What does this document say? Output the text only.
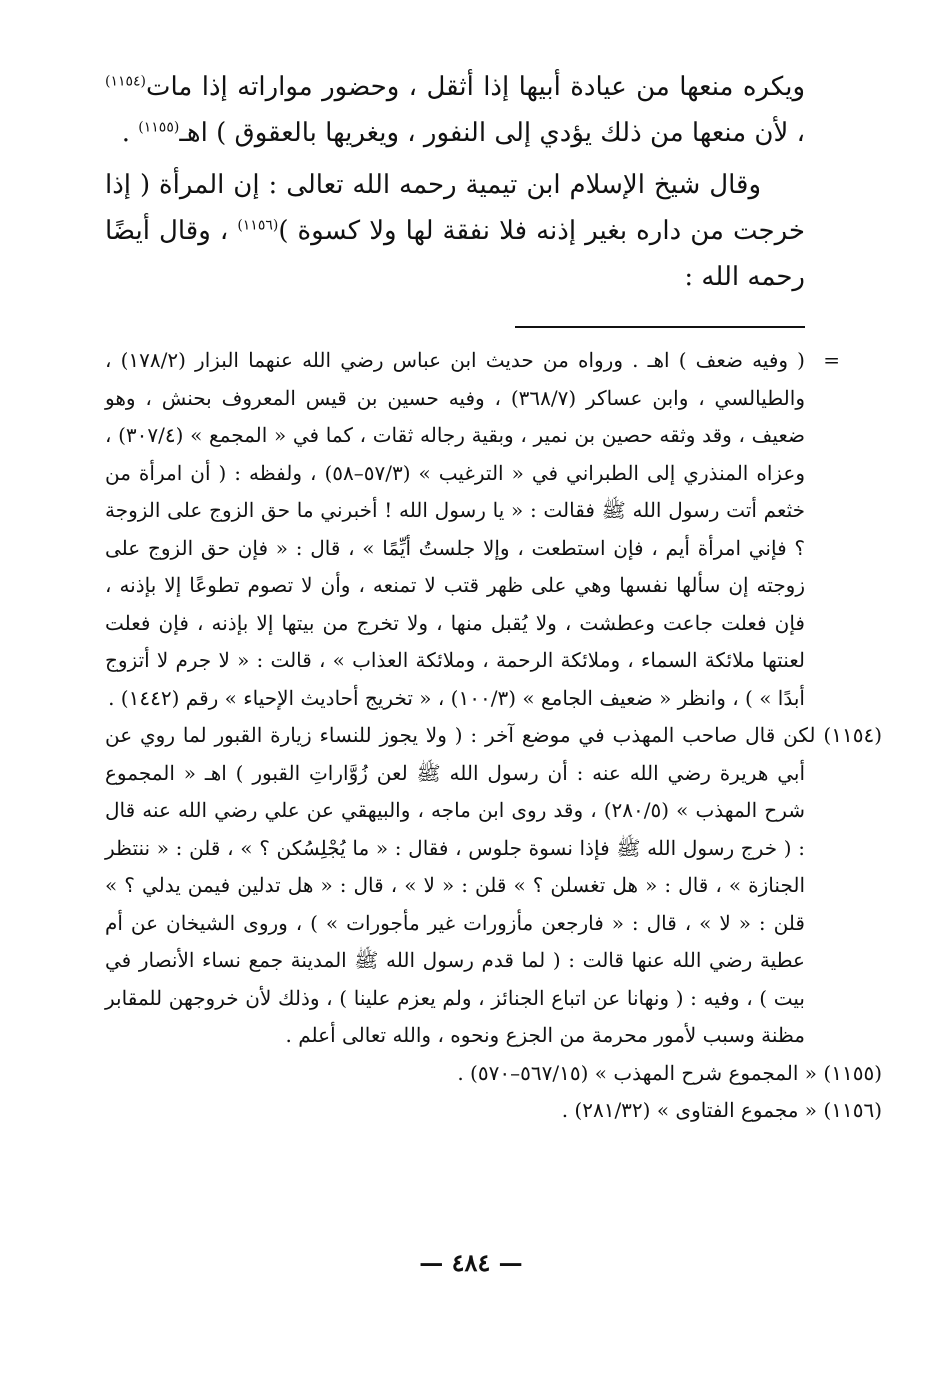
ويكره منعها من عيادة أبيها إذا أثقل ، وحضور مواراته إذا مات$^{(١١٥٤)}$ ، لأن منعها من ذلك يؤدي إلى النفور ، ويغريها بالعقوق ) اهـ$^{(١١٥٥)}$ .

وقال شيخ الإسلام ابن تيمية رحمه الله تعالى : إن المرأة ( إذا خرجت من داره بغير إذنه فلا نفقة لها ولا كسوة )$^{(١١٥٦)}$ ، وقال أيضًا رحمه الله :

=
( وفيه ضعف ) اهـ . ورواه من حديث ابن عباس رضي الله عنهما البزار (١٧٨/٢) ، والطيالسي ، وابن عساكر (٣٦٨/٧) ، وفيه حسين بن قيس المعروف بحنش ، وهو ضعيف ، وقد وثقه حصين بن نمير ، وبقية رجاله ثقات ، كما في « المجمع » (٣٠٧/٤) ، وعزاه المنذري إلى الطبراني في « الترغيب » (٥٧/٣–٥٨) ، ولفظه : ( أن امرأة من خثعم أتت رسول الله ﷺ فقالت : « يا رسول الله ! أخبرني ما حق الزوج على الزوجة ؟ فإني امرأة أيم ، فإن استطعت ، وإلا جلستُ أيِّمًا » ، قال : « فإن حق الزوج على زوجته إن سألها نفسها وهي على ظهر قتب لا تمنعه ، وأن لا تصوم تطوعًا إلا بإذنه ، فإن فعلت جاعت وعطشت ، ولا يُقبل منها ، ولا تخرج من بيتها إلا بإذنه ، فإن فعلت لعنتها ملائكة السماء ، وملائكة الرحمة ، وملائكة العذاب » ، قالت : « لا جرم لا أتزوج أبدًا » ) ، وانظر « ضعيف الجامع » (١٠٠/٣) ، « تخريج أحاديث الإحياء » رقم (١٤٤٢) .
(١١٥٤) لكن قال صاحب المهذب في موضع آخر : ( ولا يجوز للنساء زيارة القبور لما روي عن أبي هريرة رضي الله عنه : أن رسول الله ﷺ لعن زُوَّاراتِ القبور ) اهـ « المجموع شرح المهذب » (٢٨٠/٥) ، وقد روى ابن ماجه ، والبيهقي عن علي رضي الله عنه قال : ( خرج رسول الله ﷺ فإذا نسوة جلوس ، فقال : « ما يُجْلِسُكن ؟ » ، قلن : « ننتظر الجنازة » ، قال : « هل تغسلن ؟ » قلن : « لا » ، قال : « هل تدلين فيمن يدلي ؟ » قلن : « لا » ، قال : « فارجعن مأزورات غير مأجورات » ) ، وروى الشيخان عن أم عطية رضي الله عنها قالت : ( لما قدم رسول الله ﷺ المدينة جمع نساء الأنصار في بيت ) ، وفيه : ( ونهانا عن اتباع الجنائز ، ولم يعزم علينا ) ، وذلك لأن خروجهن للمقابر مظنة وسبب لأمور محرمة من الجزع ونحوه ، والله تعالى أعلم .
(١١٥٥) « المجموع شرح المهذب » (٥٦٧/١٥–٥٧٠) .
(١١٥٦) « مجموع الفتاوى » (٢٨١/٣٢) .
— ٤٨٤ —
